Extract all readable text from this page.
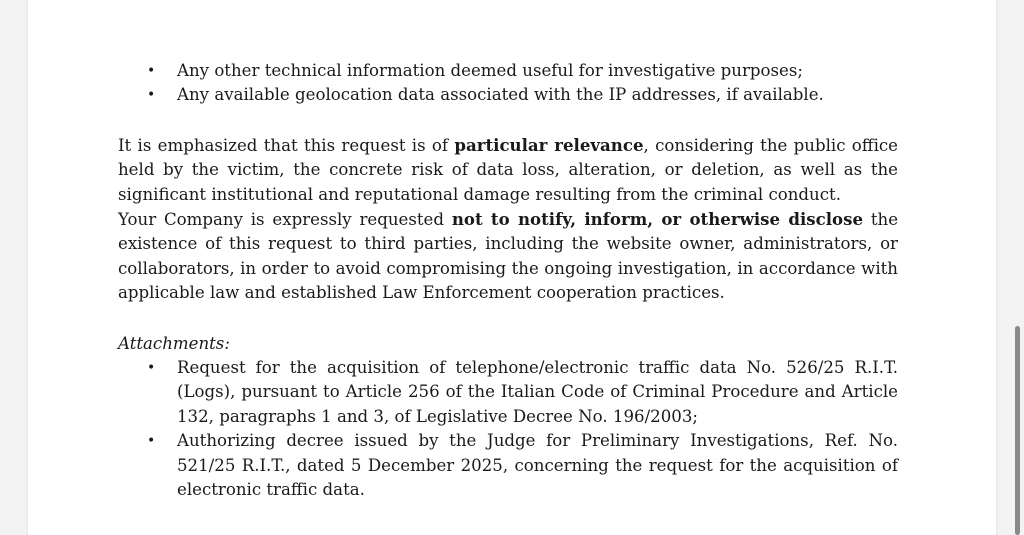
• Any other technical information deemed useful for investigative purposes;
• Any available geolocation data associated with the IP addresses, if available.

It is emphasized that this request is of particular relevance, considering the public office held by the victim, the concrete risk of data loss, alteration, or deletion, as well as the significant institutional and reputational damage resulting from the criminal conduct.

Your Company is expressly requested not to notify, inform, or otherwise disclose the existence of this request to third parties, including the website owner, administrators, or collaborators, in order to avoid compromising the ongoing investigation, in accordance with applicable law and established Law Enforcement cooperation practices.

Attachments:
• Request for the acquisition of telephone/electronic traffic data No. 526/25 R.I.T. (Logs), pursuant to Article 256 of the Italian Code of Criminal Procedure and Article 132, paragraphs 1 and 3, of Legislative Decree No. 196/2003;
• Authorizing decree issued by the Judge for Preliminary Investigations, Ref. No. 521/25 R.I.T., dated 5 December 2025, concerning the request for the acquisition of electronic traffic data.
